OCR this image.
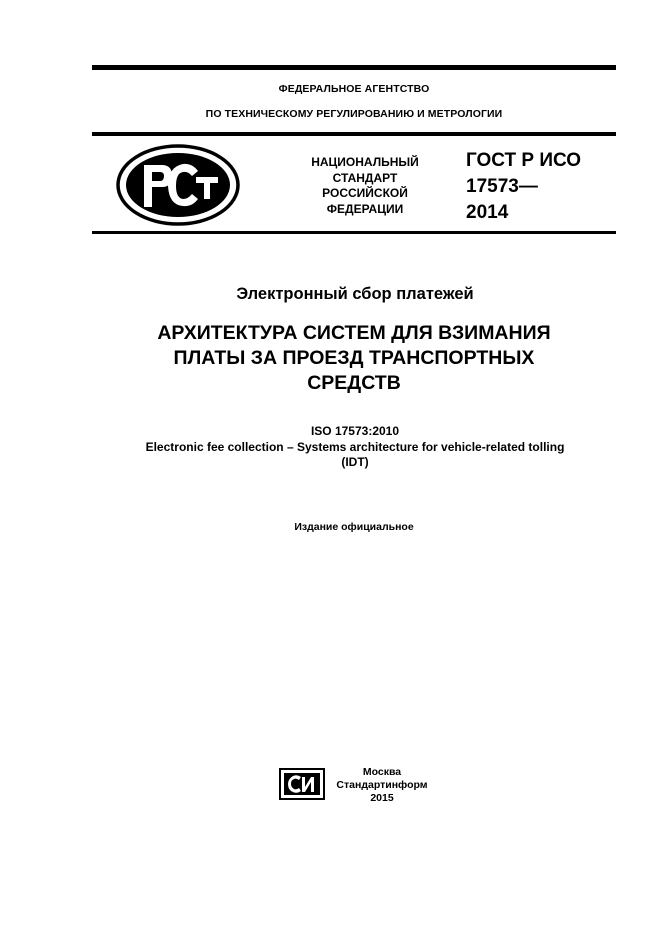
ФЕДЕРАЛЬНОЕ АГЕНТСТВО
ПО ТЕХНИЧЕСКОМУ РЕГУЛИРОВАНИЮ И МЕТРОЛОГИИ
НАЦИОНАЛЬНЫЙ
СТАНДАРТ
РОССИЙСКОЙ
ФЕДЕРАЦИИ
ГОСТ Р ИСО
17573—
2014
Электронный сбор платежей
АРХИТЕКТУРА СИСТЕМ ДЛЯ ВЗИМАНИЯ
ПЛАТЫ ЗА ПРОЕЗД ТРАНСПОРТНЫХ
СРЕДСТВ
ISO 17573:2010
Electronic fee collection – Systems architecture for vehicle-related tolling
(IDT)
Издание официальное
Москва
Стандартинформ
2015
